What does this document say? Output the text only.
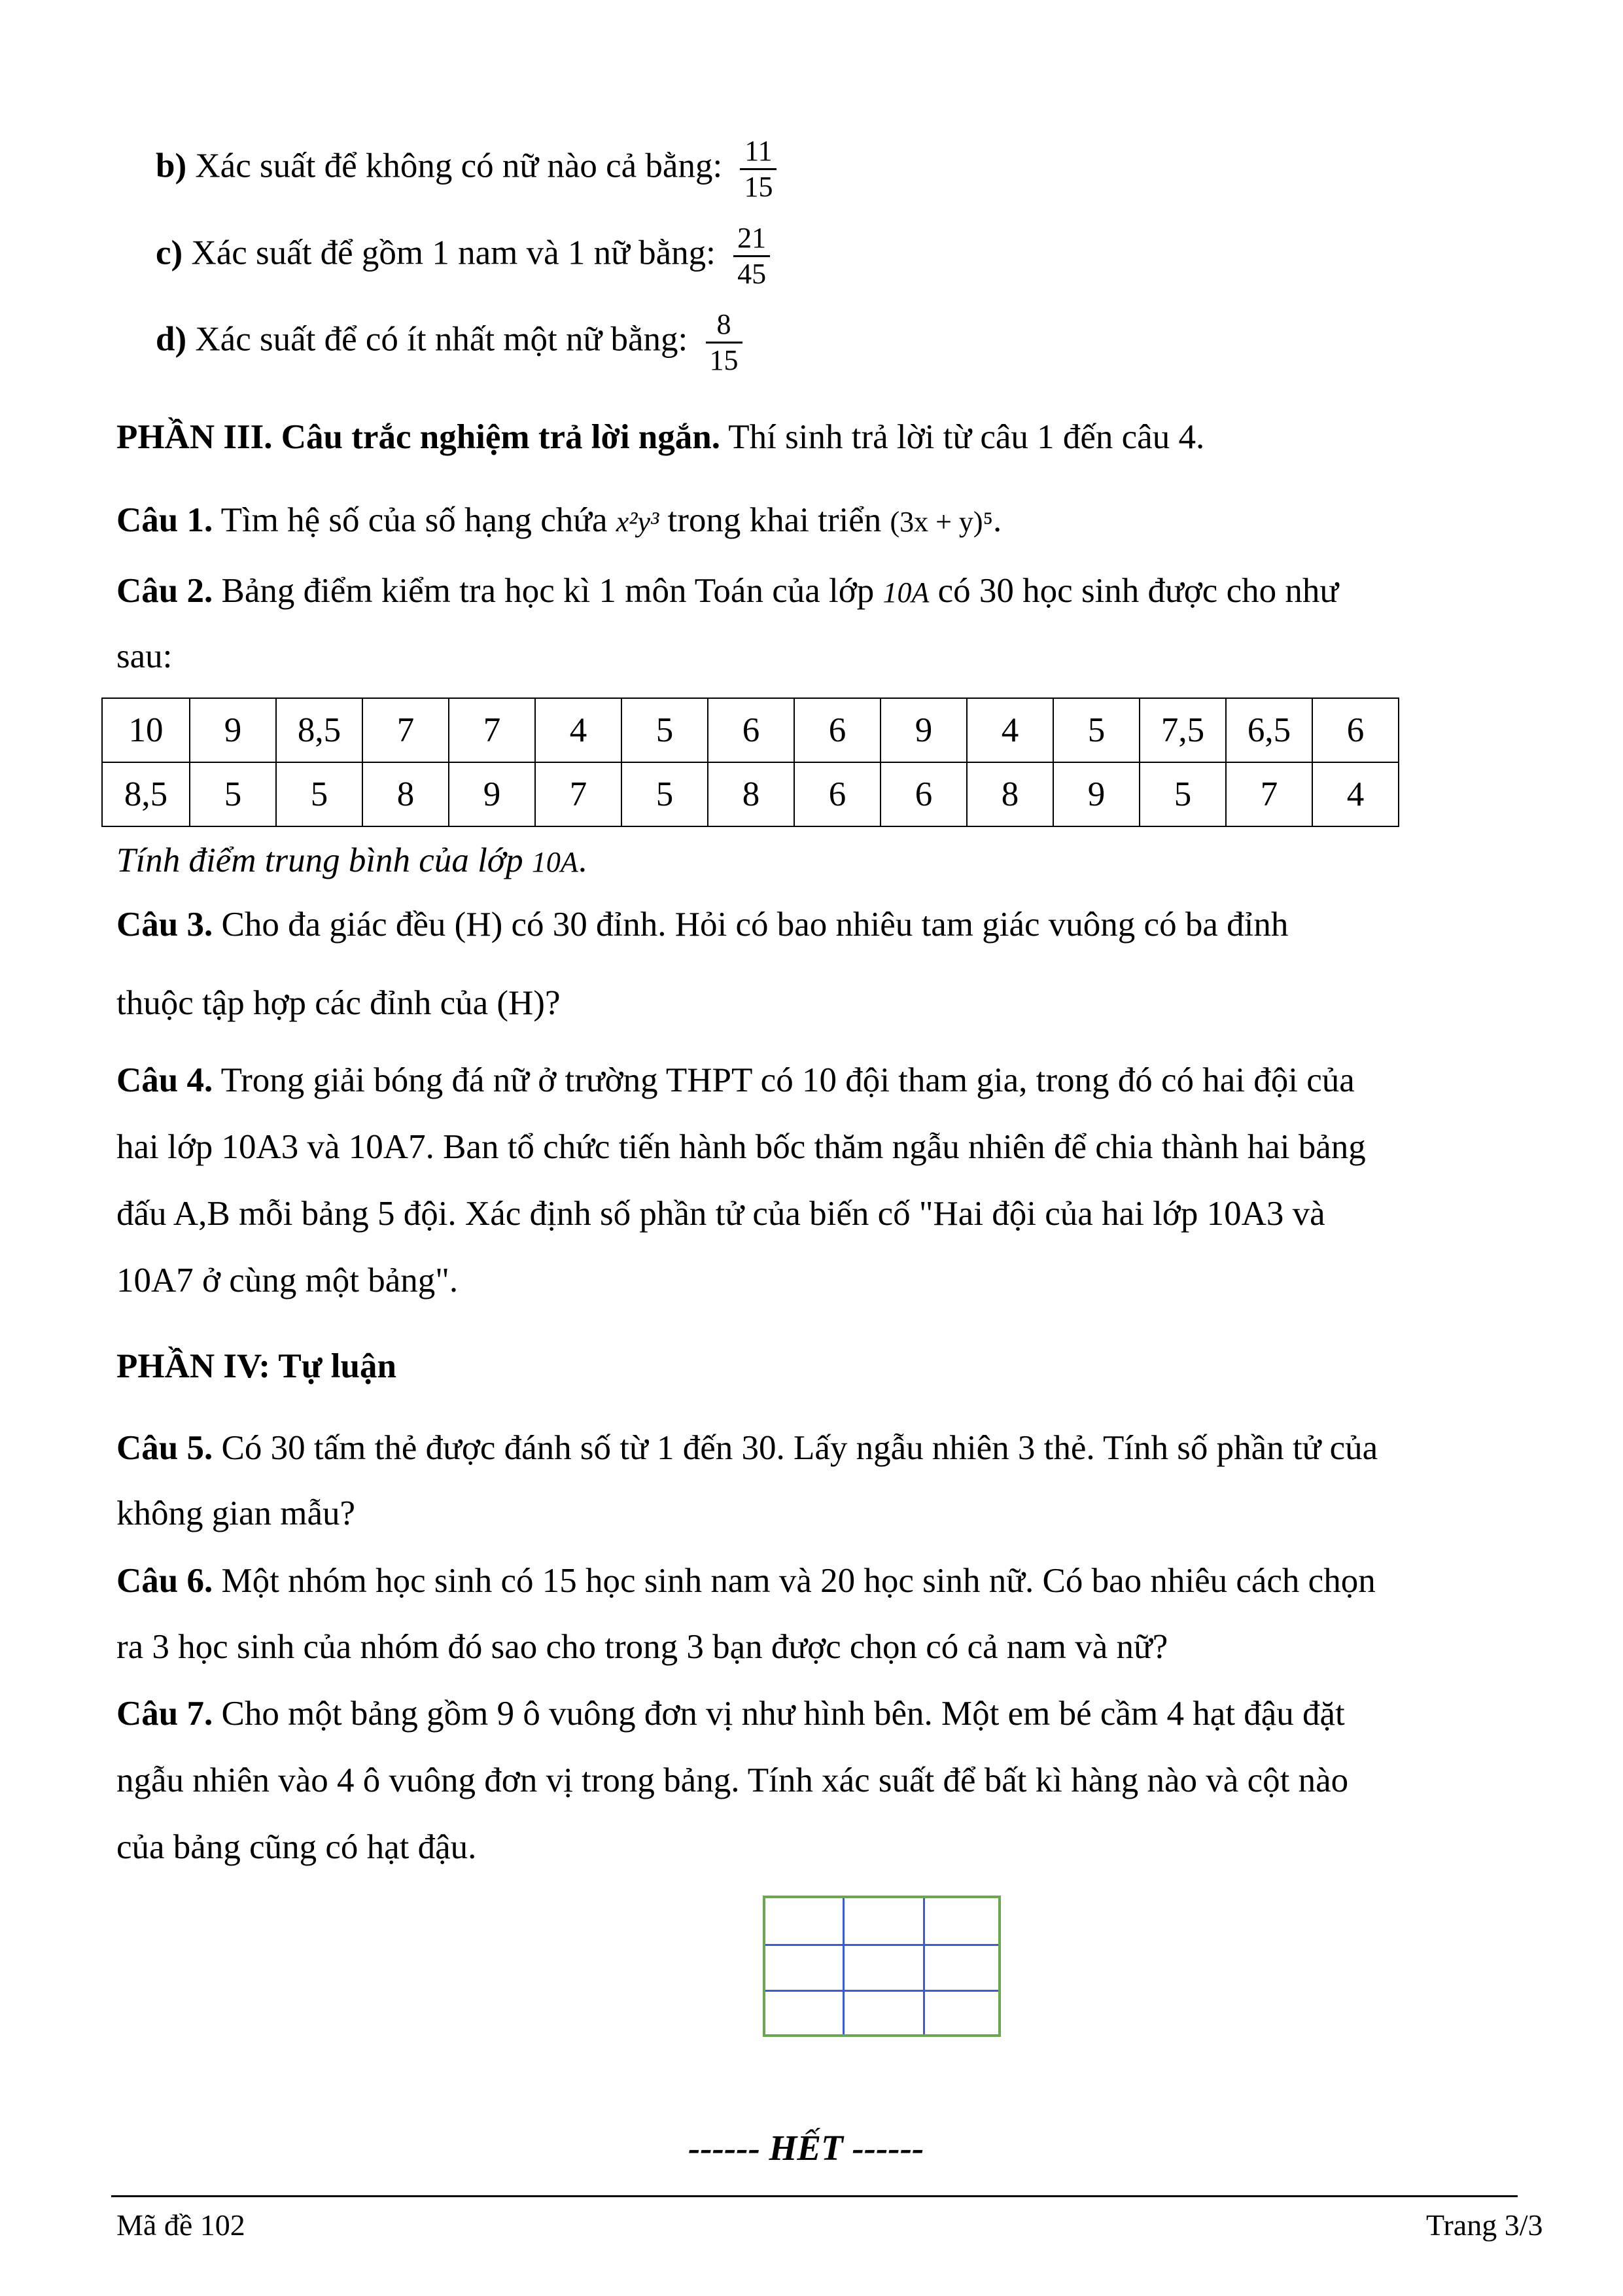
b) Xác suất để không có nữ nào cả bằng: $\frac{11}{15}$
c) Xác suất để gồm 1 nam và 1 nữ bằng: $\frac{21}{45}$
d) Xác suất để có ít nhất một nữ bằng: $\frac{8}{15}$
PHẦN III. Câu trắc nghiệm trả lời ngắn. Thí sinh trả lời từ câu 1 đến câu 4.
Câu 1. Tìm hệ số của số hạng chứa x²y³ trong khai triển (3x + y)⁵.
Câu 2. Bảng điểm kiểm tra học kì 1 môn Toán của lớp 10A có 30 học sinh được cho như
sau:
10	9	8,5	7	7	4	5	6	6	9	4	5	7,5	6,5	6
8,5	5	5	8	9	7	5	8	6	6	8	9	5	7	4
Tính điểm trung bình của lớp 10A.
Câu 3. Cho đa giác đều (H) có 30 đỉnh. Hỏi có bao nhiêu tam giác vuông có ba đỉnh
thuộc tập hợp các đỉnh của (H)?
Câu 4. Trong giải bóng đá nữ ở trường THPT có 10 đội tham gia, trong đó có hai đội của
hai lớp 10A3 và 10A7. Ban tổ chức tiến hành bốc thăm ngẫu nhiên để chia thành hai bảng
đấu A,B mỗi bảng 5 đội. Xác định số phần tử của biến cố "Hai đội của hai lớp 10A3 và
10A7 ở cùng một bảng".
PHẦN IV: Tự luận
Câu 5. Có 30 tấm thẻ được đánh số từ 1 đến 30. Lấy ngẫu nhiên 3 thẻ. Tính số phần tử của
không gian mẫu?
Câu 6. Một nhóm học sinh có 15 học sinh nam và 20 học sinh nữ. Có bao nhiêu cách chọn
ra 3 học sinh của nhóm đó sao cho trong 3 bạn được chọn có cả nam và nữ?
Câu 7. Cho một bảng gồm 9 ô vuông đơn vị như hình bên. Một em bé cầm 4 hạt đậu đặt
ngẫu nhiên vào 4 ô vuông đơn vị trong bảng. Tính xác suất để bất kì hàng nào và cột nào
của bảng cũng có hạt đậu.
------ HẾT ------
Mã đề 102	Trang 3/3
